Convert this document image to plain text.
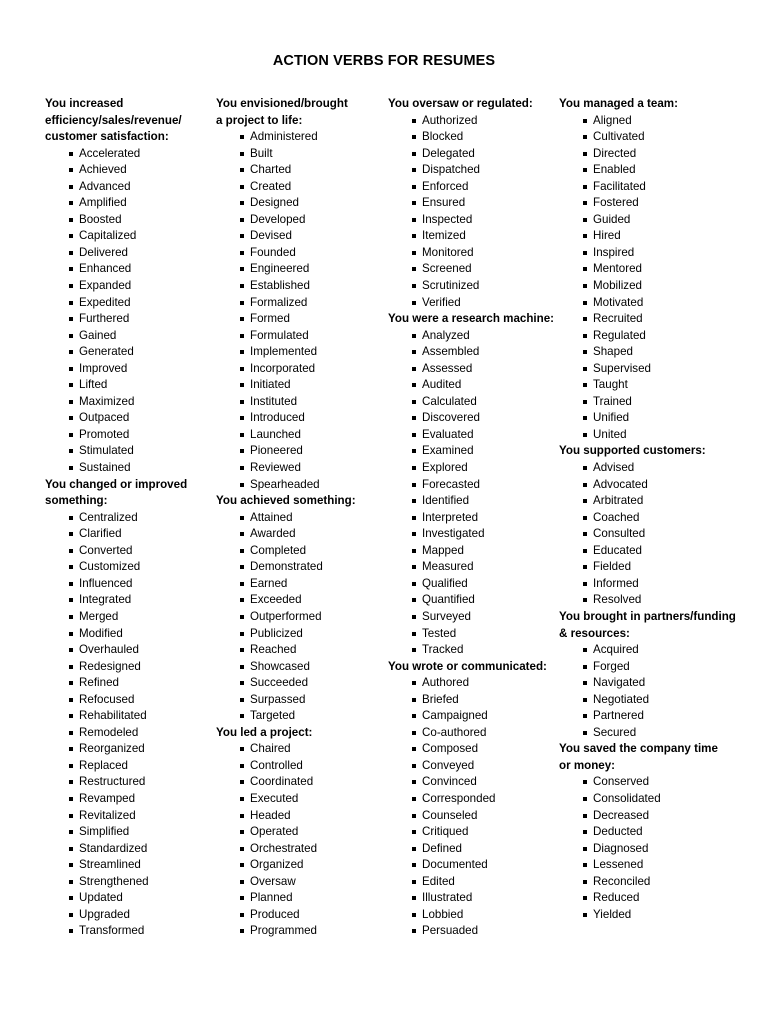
ACTION VERBS FOR RESUMES
You increased
efficiency/sales/revenue/
customer satisfaction:
Accelerated
Achieved
Advanced
Amplified
Boosted
Capitalized
Delivered
Enhanced
Expanded
Expedited
Furthered
Gained
Generated
Improved
Lifted
Maximized
Outpaced
Promoted
Stimulated
Sustained
You changed or improved
something:
Centralized
Clarified
Converted
Customized
Influenced
Integrated
Merged
Modified
Overhauled
Redesigned
Refined
Refocused
Rehabilitated
Remodeled
Reorganized
Replaced
Restructured
Revamped
Revitalized
Simplified
Standardized
Streamlined
Strengthened
Updated
Upgraded
Transformed
You envisioned/brought
a project to life:
Administered
Built
Charted
Created
Designed
Developed
Devised
Founded
Engineered
Established
Formalized
Formed
Formulated
Implemented
Incorporated
Initiated
Instituted
Introduced
Launched
Pioneered
Reviewed
Spearheaded
You achieved something:
Attained
Awarded
Completed
Demonstrated
Earned
Exceeded
Outperformed
Publicized
Reached
Showcased
Succeeded
Surpassed
Targeted
You led a project:
Chaired
Controlled
Coordinated
Executed
Headed
Operated
Orchestrated
Organized
Oversaw
Planned
Produced
Programmed
You oversaw or regulated:
Authorized
Blocked
Delegated
Dispatched
Enforced
Ensured
Inspected
Itemized
Monitored
Screened
Scrutinized
Verified
You were a research machine:
Analyzed
Assembled
Assessed
Audited
Calculated
Discovered
Evaluated
Examined
Explored
Forecasted
Identified
Interpreted
Investigated
Mapped
Measured
Qualified
Quantified
Surveyed
Tested
Tracked
You wrote or communicated:
Authored
Briefed
Campaigned
Co-authored
Composed
Conveyed
Convinced
Corresponded
Counseled
Critiqued
Defined
Documented
Edited
Illustrated
Lobbied
Persuaded
You managed a team:
Aligned
Cultivated
Directed
Enabled
Facilitated
Fostered
Guided
Hired
Inspired
Mentored
Mobilized
Motivated
Recruited
Regulated
Shaped
Supervised
Taught
Trained
Unified
United
You supported customers:
Advised
Advocated
Arbitrated
Coached
Consulted
Educated
Fielded
Informed
Resolved
You brought in partners/funding
& resources:
Acquired
Forged
Navigated
Negotiated
Partnered
Secured
You saved the company time
or money:
Conserved
Consolidated
Decreased
Deducted
Diagnosed
Lessened
Reconciled
Reduced
Yielded
